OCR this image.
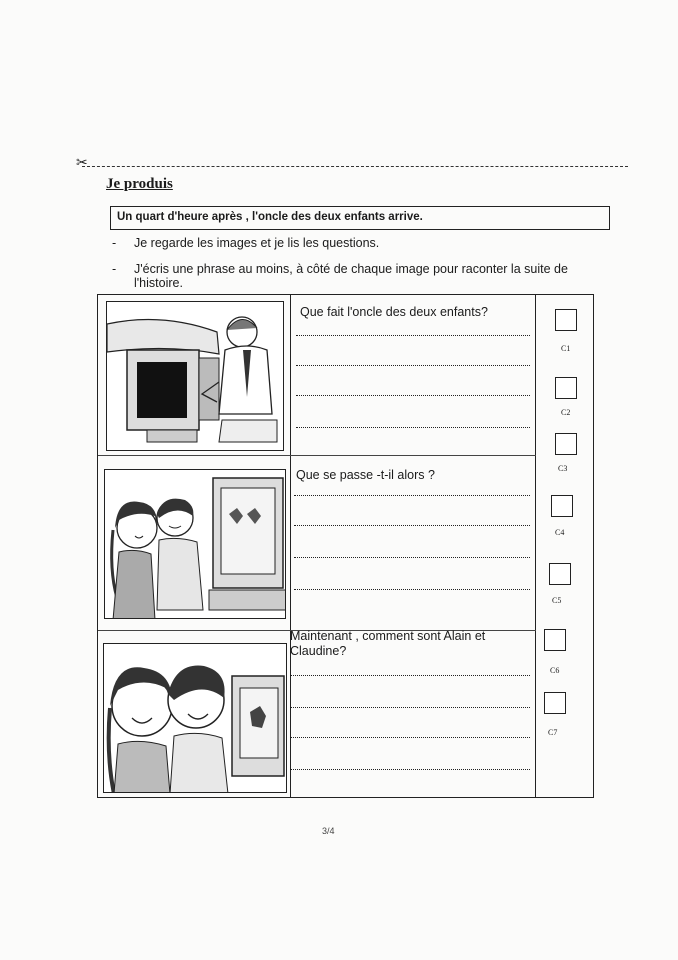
✂
Je produis
Un quart d'heure après , l'oncle des deux enfants arrive.
- Je regarde les images et je lis les questions.
- J'écris une phrase au moins, à côté de chaque image pour raconter la suite de l'histoire.
Que fait l'oncle des deux enfants?
Que se passe -t-il alors ?
Maintenant , comment sont Alain et Claudine?
C1
C2
C3
C4
C5
C6
C7
3/4
